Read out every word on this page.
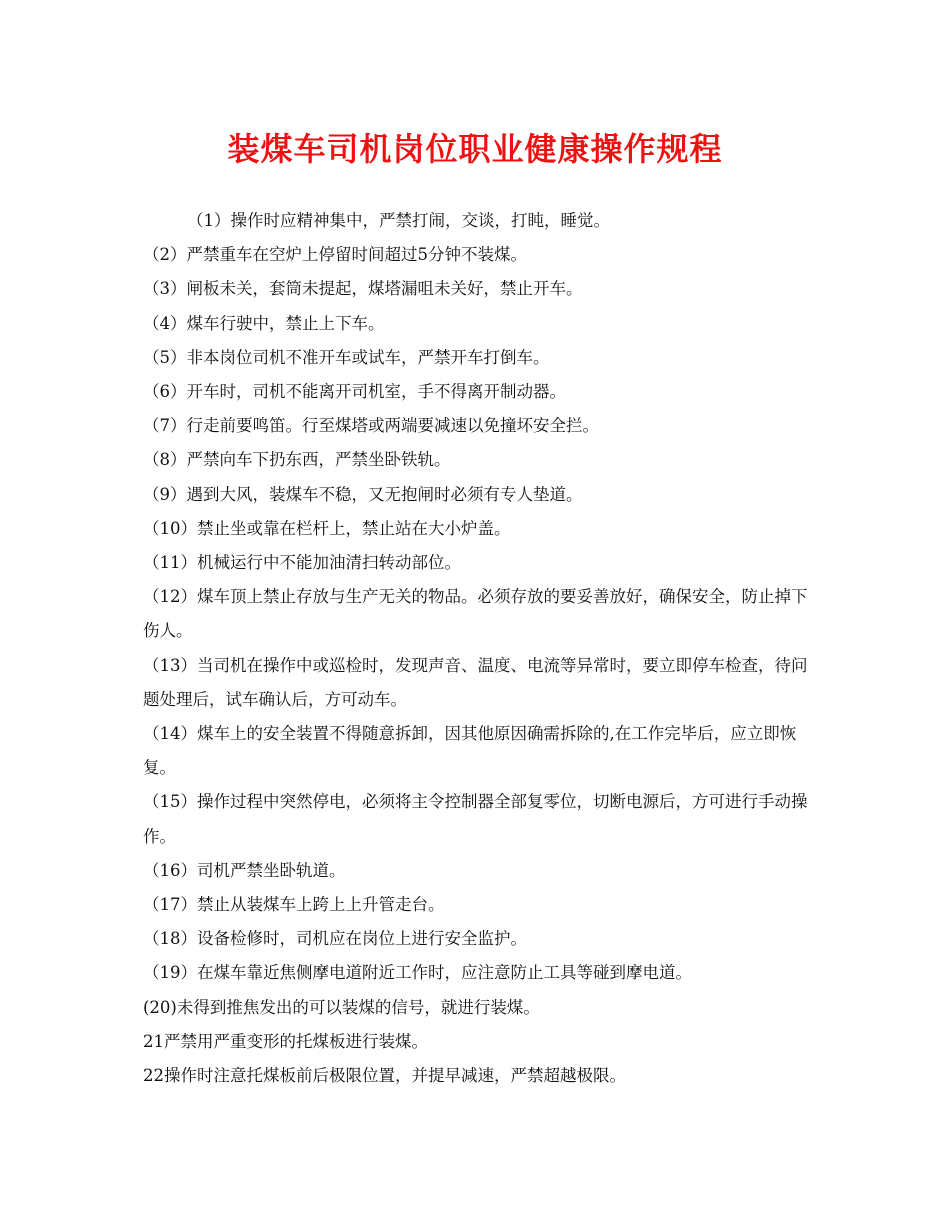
装煤车司机岗位职业健康操作规程

（1）操作时应精神集中，严禁打闹，交谈，打盹，睡觉。

（2）严禁重车在空炉上停留时间超过5分钟不装煤。

（3）闸板未关，套筒未提起，煤塔漏咀未关好，禁止开车。

（4）煤车行驶中，禁止上下车。

（5）非本岗位司机不准开车或试车，严禁开车打倒车。

（6）开车时，司机不能离开司机室，手不得离开制动器。

（7）行走前要鸣笛。行至煤塔或两端要减速以免撞坏安全拦。

（8）严禁向车下扔东西，严禁坐卧铁轨。

（9）遇到大风，装煤车不稳，又无抱闸时必须有专人垫道。

（10）禁止坐或靠在栏杆上，禁止站在大小炉盖。

（11）机械运行中不能加油清扫转动部位。

（12）煤车顶上禁止存放与生产无关的物品。必须存放的要妥善放好，确保安全，防止掉下伤人。

（13）当司机在操作中或巡检时，发现声音、温度、电流等异常时，要立即停车检查，待问题处理后，试车确认后，方可动车。

（14）煤车上的安全装置不得随意拆卸，因其他原因确需拆除的,在工作完毕后，应立即恢复。

（15）操作过程中突然停电，必须将主令控制器全部复零位，切断电源后，方可进行手动操作。

（16）司机严禁坐卧轨道。

（17）禁止从装煤车上跨上上升管走台。

（18）设备检修时，司机应在岗位上进行安全监护。

（19）在煤车靠近焦侧摩电道附近工作时，应注意防止工具等碰到摩电道。

(20)未得到推焦发出的可以装煤的信号，就进行装煤。

21严禁用严重变形的托煤板进行装煤。

22操作时注意托煤板前后极限位置，并提早减速，严禁超越极限。
